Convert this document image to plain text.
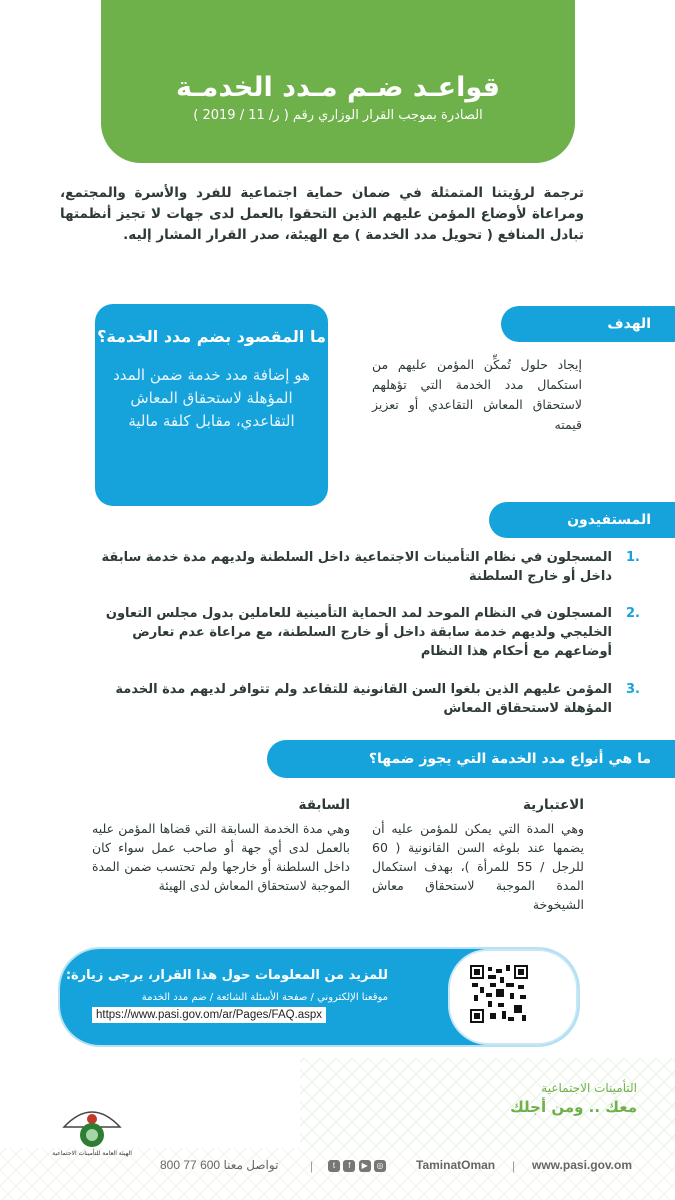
قواعـد ضـم مـدد الخدمـة
الصادرة بموجب القرار الوزاري رقم ( ر/ 11 / 2019 )
ترجمة لرؤيتنا المتمثلة في ضمان حماية اجتماعية للفرد والأسرة والمجتمع، ومراعاة لأوضاع المؤمن عليهم الذين التحقوا بالعمل لدى جهات لا تجيز أنظمتها تبادل المنافع ( تحويل مدد الخدمة ) مع الهيئة، صدر القرار المشار إليه.
الهدف
إيجاد حلول تُمكِّن المؤمن عليهم من استكمال مدد الخدمة التي تؤهلهم لاستحقاق المعاش التقاعدي أو تعزيز قيمته
ما المقصود بضم مدد الخدمة؟
هو إضافة مدد خدمة ضمن المدد المؤهلة لاستحقاق المعاش التقاعدي، مقابل كلفة مالية
المستفيدون
.1
المسجلون في نظام التأمينات الاجتماعية داخل السلطنة ولديهم مدة خدمة سابقة داخل أو خارج السلطنة
.2
المسجلون في النظام الموحد لمد الحماية التأمينية للعاملين بدول مجلس التعاون الخليجي ولديهم خدمة سابقة داخل أو خارج السلطنة، مع مراعاة عدم تعارض أوضاعهم مع أحكام هذا النظام
.3
المؤمن عليهم الذين بلغوا السن القانونية للتقاعد ولم تتوافر لديهم مدة الخدمة المؤهلة لاستحقاق المعاش
ما هي أنواع مدد الخدمة التي يجوز ضمها؟
الاعتبارية
وهي المدة التي يمكن للمؤمن عليه أن يضمها عند بلوغه السن القانونية ( 60 للرجل / 55 للمرأة )، بهدف استكمال المدة الموجبة لاستحقاق معاش الشيخوخة
السابقة
وهي مدة الخدمة السابقة التي قضاها المؤمن عليه بالعمل لدى أي جهة أو صاحب عمل سواء كان داخل السلطنة أو خارجها ولم تحتسب ضمن المدة الموجبة لاستحقاق المعاش لدى الهيئة
للمزيد من المعلومات حول هذا القرار، يرجى زيارة:
موقعنا الإلكتروني / صفحة الأسئلة الشائعة / ضم مدد الخدمة
https://www.pasi.gov.om/ar/Pages/FAQ.aspx
التأمينات الاجتماعية
معك .. ومن أجلك
الهيئة العامة للتأمينات الاجتماعية
تواصل معنا 600 77 800	|	t f ▶ ◎	TaminatOman | www.pasi.gov.om
